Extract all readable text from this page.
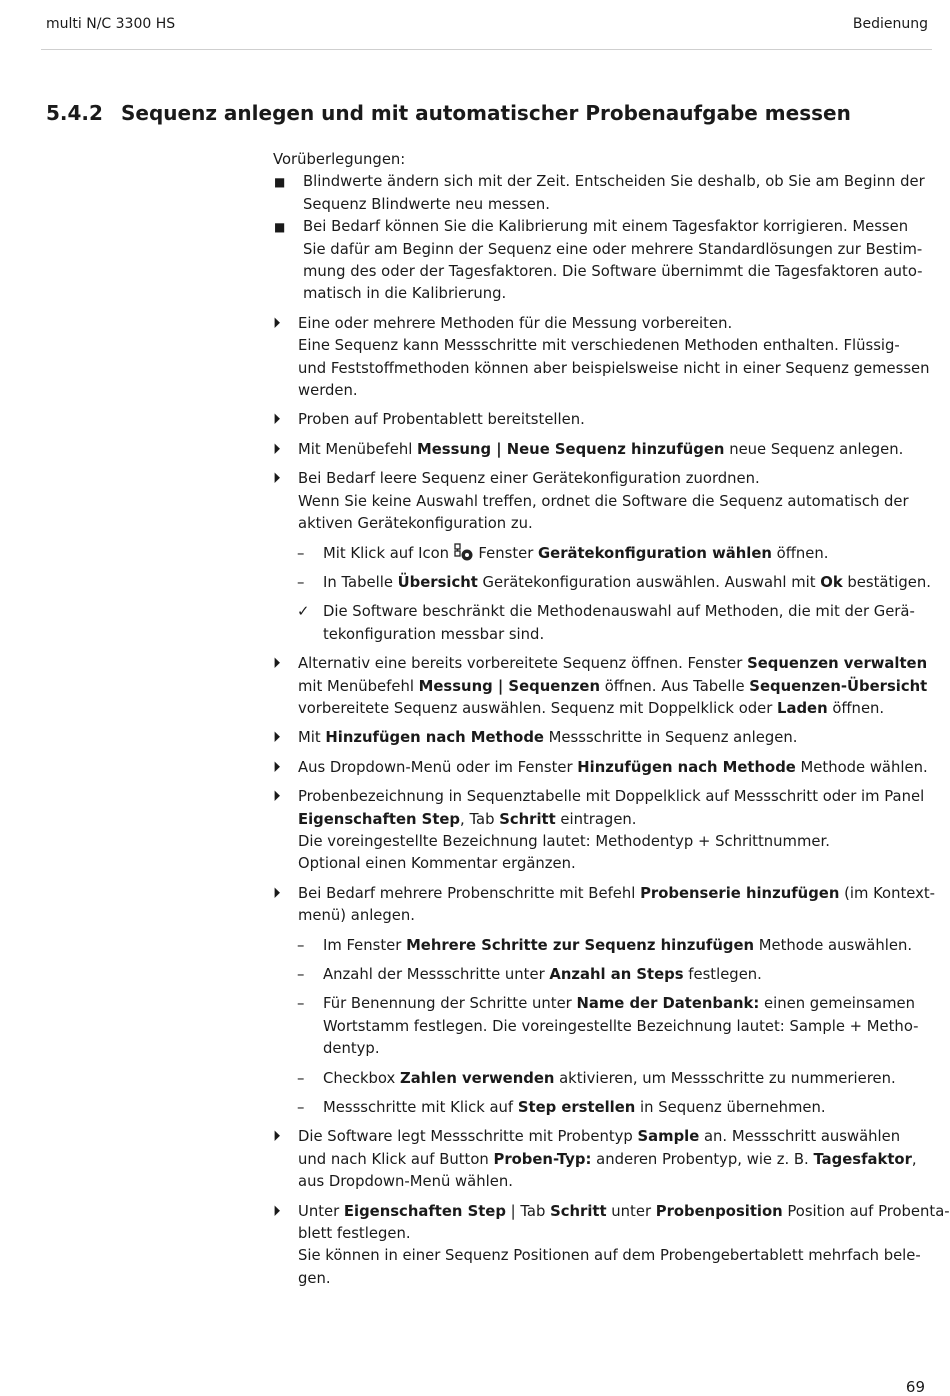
multi N/C 3300 HS	Bedienung
5.4.2 Sequenz anlegen und mit automatischer Probenaufgabe messen
Vorüberlegungen:
■ Blindwerte ändern sich mit der Zeit. Entscheiden Sie deshalb, ob Sie am Beginn der
Sequenz Blindwerte neu messen.
■ Bei Bedarf können Sie die Kalibrierung mit einem Tagesfaktor korrigieren. Messen
Sie dafür am Beginn der Sequenz eine oder mehrere Standardlösungen zur Bestim-
mung des oder der Tagesfaktoren. Die Software übernimmt die Tagesfaktoren auto-
matisch in die Kalibrierung.
⏵ Eine oder mehrere Methoden für die Messung vorbereiten.
Eine Sequenz kann Messschritte mit verschiedenen Methoden enthalten. Flüssig-
und Feststoffmethoden können aber beispielsweise nicht in einer Sequenz gemessen
werden.
⏵ Proben auf Probentablett bereitstellen.
⏵ Mit Menübefehl Messung | Neue Sequenz hinzufügen neue Sequenz anlegen.
⏵ Bei Bedarf leere Sequenz einer Gerätekonfiguration zuordnen.
Wenn Sie keine Auswahl treffen, ordnet die Software die Sequenz automatisch der
aktiven Gerätekonfiguration zu.
– Mit Klick auf Icon  Fenster Gerätekonfiguration wählen öffnen.
– In Tabelle Übersicht Gerätekonfiguration auswählen. Auswahl mit Ok bestätigen.
✓ Die Software beschränkt die Methodenauswahl auf Methoden, die mit der Gerä-
tekonfiguration messbar sind.
⏵ Alternativ eine bereits vorbereitete Sequenz öffnen. Fenster Sequenzen verwalten
mit Menübefehl Messung | Sequenzen öffnen. Aus Tabelle Sequenzen-Übersicht
vorbereitete Sequenz auswählen. Sequenz mit Doppelklick oder Laden öffnen.
⏵ Mit Hinzufügen nach Methode Messschritte in Sequenz anlegen.
⏵ Aus Dropdown-Menü oder im Fenster Hinzufügen nach Methode Methode wählen.
⏵ Probenbezeichnung in Sequenztabelle mit Doppelklick auf Messschritt oder im Panel
Eigenschaften Step, Tab Schritt eintragen.
Die voreingestellte Bezeichnung lautet: Methodentyp + Schrittnummer.
Optional einen Kommentar ergänzen.
⏵ Bei Bedarf mehrere Probenschritte mit Befehl Probenserie hinzufügen (im Kontext-
menü) anlegen.
– Im Fenster Mehrere Schritte zur Sequenz hinzufügen Methode auswählen.
– Anzahl der Messschritte unter Anzahl an Steps festlegen.
– Für Benennung der Schritte unter Name der Datenbank: einen gemeinsamen
Wortstamm festlegen. Die voreingestellte Bezeichnung lautet: Sample + Metho-
dentyp.
– Checkbox Zahlen verwenden aktivieren, um Messschritte zu nummerieren.
– Messschritte mit Klick auf Step erstellen in Sequenz übernehmen.
⏵ Die Software legt Messschritte mit Probentyp Sample an. Messschritt auswählen
und nach Klick auf Button Proben-Typ: anderen Probentyp, wie z. B. Tagesfaktor,
aus Dropdown-Menü wählen.
⏵ Unter Eigenschaften Step | Tab Schritt unter Probenposition Position auf Probenta-
blett festlegen.
Sie können in einer Sequenz Positionen auf dem Probengebertablett mehrfach bele-
gen.
69
